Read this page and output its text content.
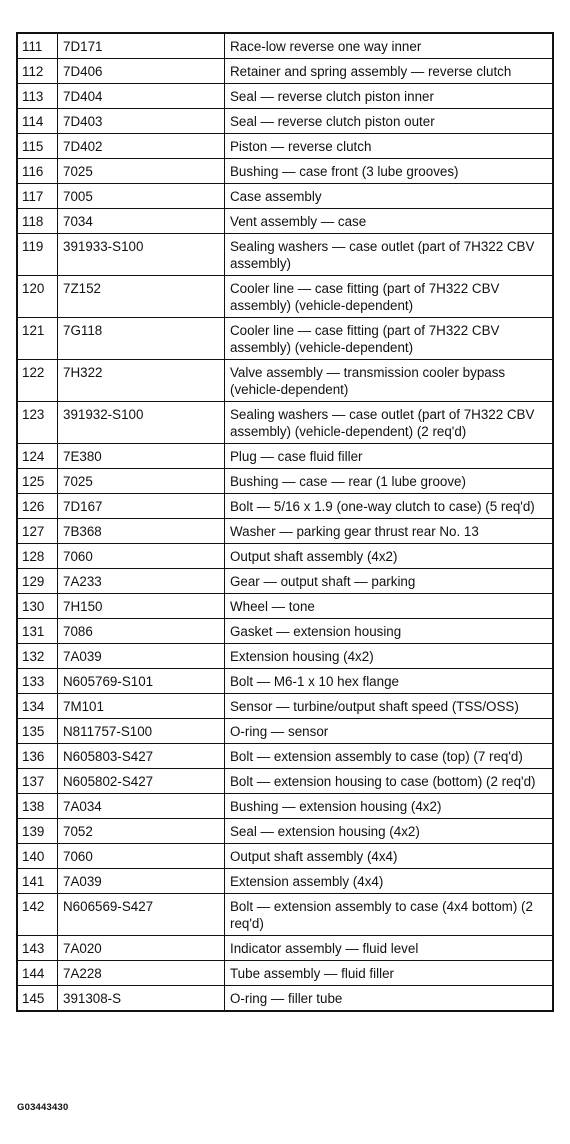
111	7D171	Race-low reverse one way inner
112	7D406	Retainer and spring assembly — reverse clutch
113	7D404	Seal — reverse clutch piston inner
114	7D403	Seal — reverse clutch piston outer
115	7D402	Piston — reverse clutch
116	7025	Bushing — case front (3 lube grooves)
117	7005	Case assembly
118	7034	Vent assembly — case
119	391933-S100	Sealing washers — case outlet (part of 7H322 CBV assembly)
120	7Z152	Cooler line — case fitting (part of 7H322 CBV assembly) (vehicle-dependent)
121	7G118	Cooler line — case fitting (part of 7H322 CBV assembly) (vehicle-dependent)
122	7H322	Valve assembly — transmission cooler bypass (vehicle-dependent)
123	391932-S100	Sealing washers — case outlet (part of 7H322 CBV assembly) (vehicle-dependent) (2 req'd)
124	7E380	Plug — case fluid filler
125	7025	Bushing — case — rear (1 lube groove)
126	7D167	Bolt — 5/16 x 1.9 (one-way clutch to case) (5 req'd)
127	7B368	Washer — parking gear thrust rear No. 13
128	7060	Output shaft assembly (4x2)
129	7A233	Gear — output shaft — parking
130	7H150	Wheel — tone
131	7086	Gasket — extension housing
132	7A039	Extension housing (4x2)
133	N605769-S101	Bolt — M6-1 x 10 hex flange
134	7M101	Sensor — turbine/output shaft speed (TSS/OSS)
135	N811757-S100	O-ring — sensor
136	N605803-S427	Bolt — extension assembly to case (top) (7 req'd)
137	N605802-S427	Bolt — extension housing to case (bottom) (2 req'd)
138	7A034	Bushing — extension housing (4x2)
139	7052	Seal — extension housing (4x2)
140	7060	Output shaft assembly (4x4)
141	7A039	Extension assembly (4x4)
142	N606569-S427	Bolt — extension assembly to case (4x4 bottom) (2 req'd)
143	7A020	Indicator assembly — fluid level
144	7A228	Tube assembly — fluid filler
145	391308-S	O-ring — filler tube
G03443430
